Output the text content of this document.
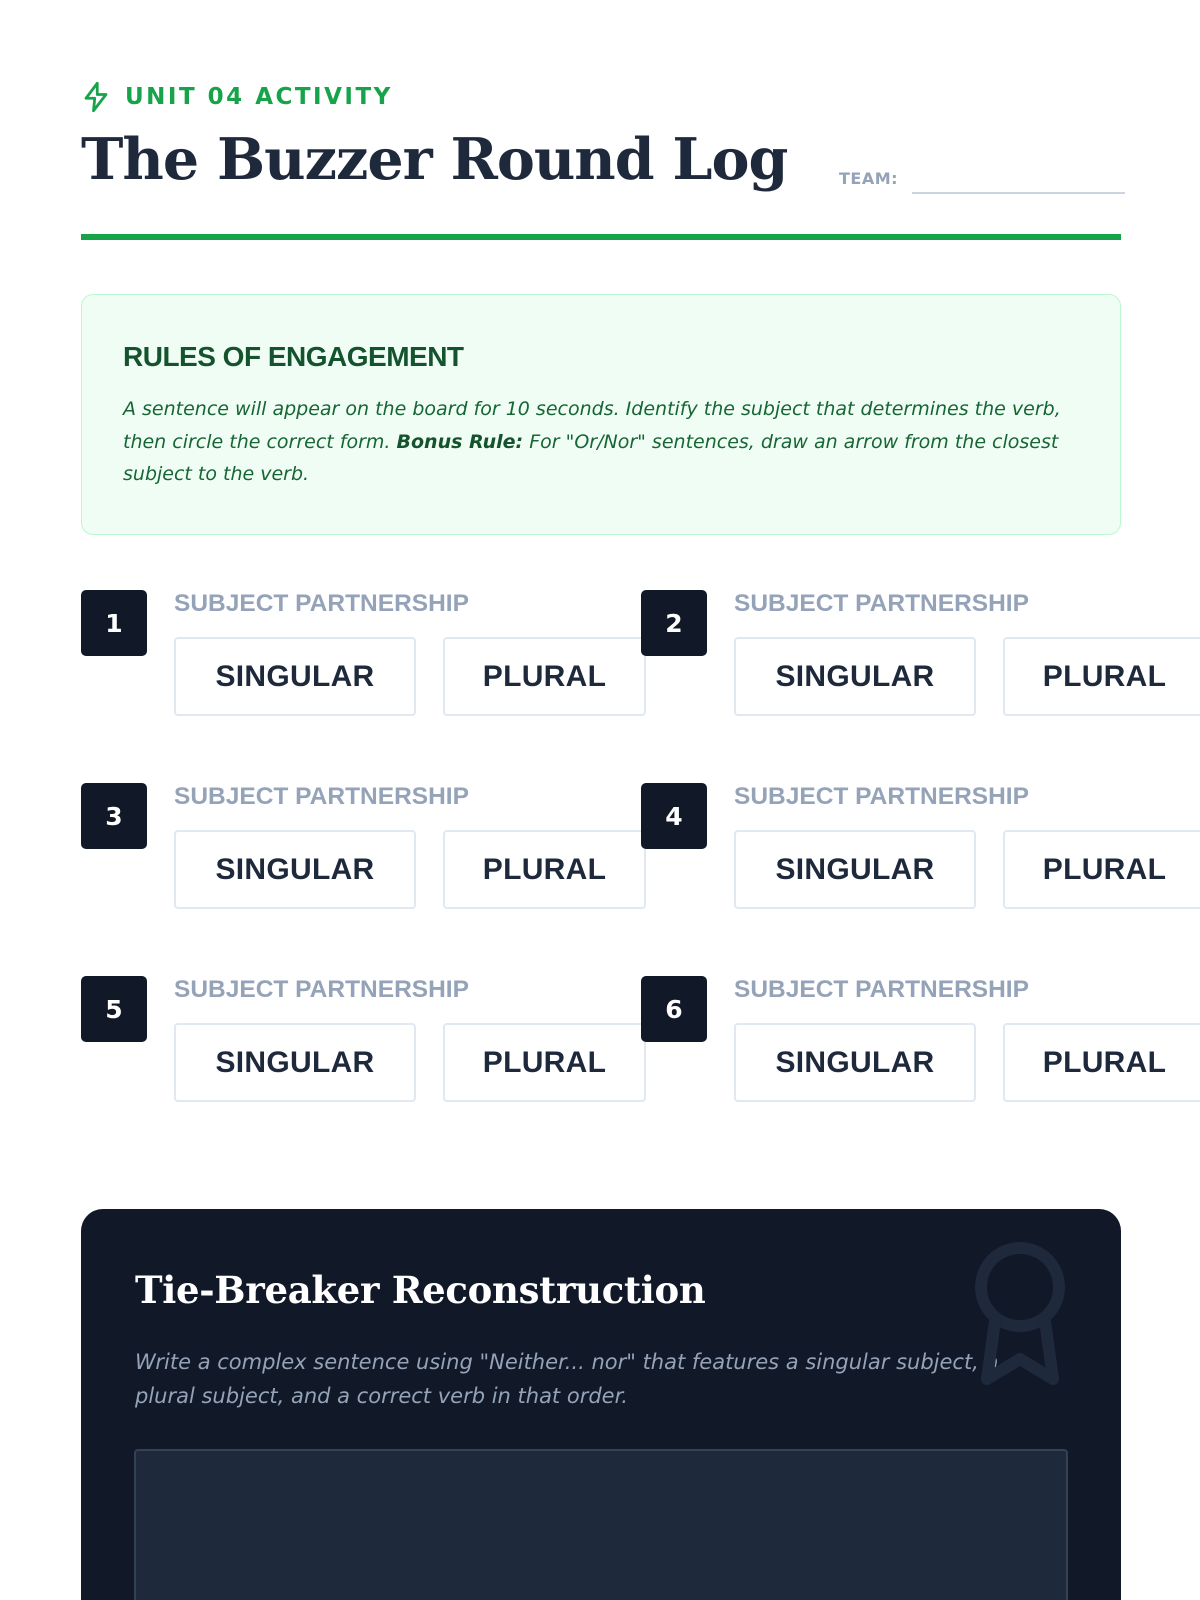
UNIT 04 ACTIVITY
The Buzzer Round Log	TEAM:
RULES OF ENGAGEMENT

A sentence will appear on the board for 10 seconds. Identify the subject that determines the verb, then circle the correct form. Bonus Rule: For "Or/Nor" sentences, draw an arrow from the closest subject to the verb.

1
SUBJECT PARTNERSHIP
SINGULAR	PLURAL
2
SUBJECT PARTNERSHIP
SINGULAR	PLURAL
3
SUBJECT PARTNERSHIP
SINGULAR	PLURAL
4
SUBJECT PARTNERSHIP
SINGULAR	PLURAL
5
SUBJECT PARTNERSHIP
SINGULAR	PLURAL
6
SUBJECT PARTNERSHIP
SINGULAR	PLURAL
Tie-Breaker Reconstruction

Write a complex sentence using "Neither... nor" that features a singular subject, a plural subject, and a correct verb in that order.
